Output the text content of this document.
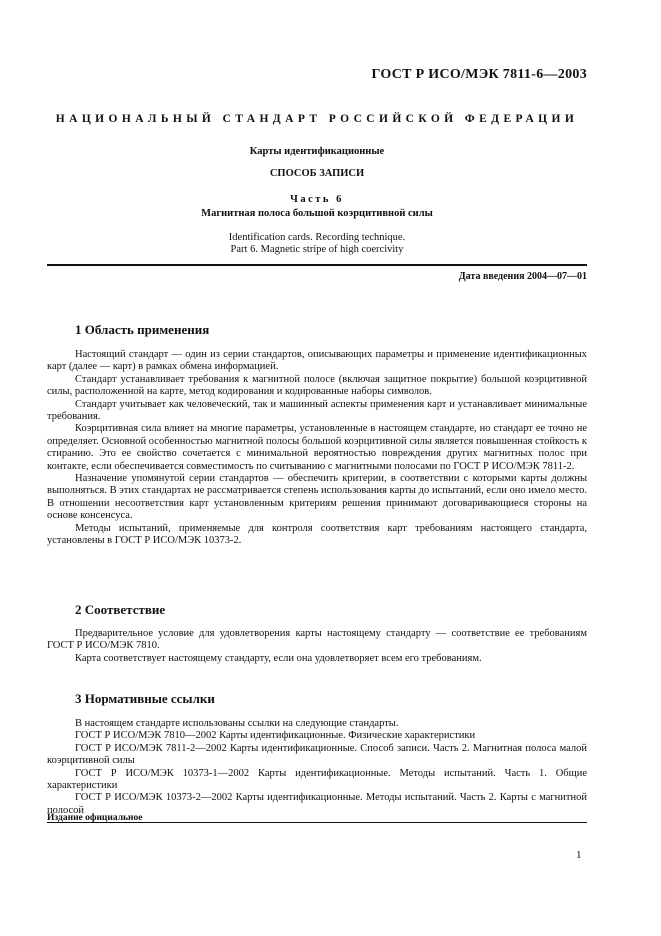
ГОСТ Р ИСО/МЭК 7811-6—2003
НАЦИОНАЛЬНЫЙ СТАНДАРТ РОССИЙСКОЙ ФЕДЕРАЦИИ
Карты идентификационные
СПОСОБ ЗАПИСИ
Часть 6
Магнитная полоса большой коэрцитивной силы
Identification cards. Recording technique.
Part 6. Magnetic stripe of high coercivity
Дата введения 2004—07—01
1 Область применения

Настоящий стандарт — один из серии стандартов, описывающих параметры и применение идентификационных карт (далее — карт) в рамках обмена информацией.

Стандарт устанавливает требования к магнитной полосе (включая защитное покрытие) большой коэрцитивной силы, расположенной на карте, метод кодирования и кодированные наборы символов.

Стандарт учитывает как человеческий, так и машинный аспекты применения карт и устанавливает минимальные требования.

Коэрцитивная сила влияет на многие параметры, установленные в настоящем стандарте, но стандарт ее точно не определяет. Основной особенностью магнитной полосы большой коэрцитивной силы является повышенная стойкость к стиранию. Это ее свойство сочетается с минимальной вероятностью повреждения других магнитных полос при контакте, если обеспечивается совместимость по считыванию с магнитными полосами по ГОСТ Р ИСО/МЭК 7811-2.

Назначение упомянутой серии стандартов — обеспечить критерии, в соответствии с которыми карты должны выполняться. В этих стандартах не рассматривается степень использования карты до испытаний, если оно имело место. В отношении несоответствия карт установленным критериям решения принимают договаривающиеся стороны на основе консенсуса.

Методы испытаний, применяемые для контроля соответствия карт требованиям настоящего стандарта, установлены в ГОСТ Р ИСО/МЭК 10373-2.

2 Соответствие

Предварительное условие для удовлетворения карты настоящему стандарту — соответствие ее требованиям ГОСТ Р ИСО/МЭК 7810.

Карта соответствует настоящему стандарту, если она удовлетворяет всем его требованиям.

3 Нормативные ссылки

В настоящем стандарте использованы ссылки на следующие стандарты.

ГОСТ Р ИСО/МЭК 7810—2002 Карты идентификационные. Физические характеристики

ГОСТ Р ИСО/МЭК 7811-2—2002 Карты идентификационные. Способ записи. Часть 2. Магнитная полоса малой коэрцитивной силы

ГОСТ Р ИСО/МЭК 10373-1—2002 Карты идентификационные. Методы испытаний. Часть 1. Общие характеристики

ГОСТ Р ИСО/МЭК 10373-2—2002 Карты идентификационные. Методы испытаний. Часть 2. Карты с магнитной полосой

Издание официальное
1
